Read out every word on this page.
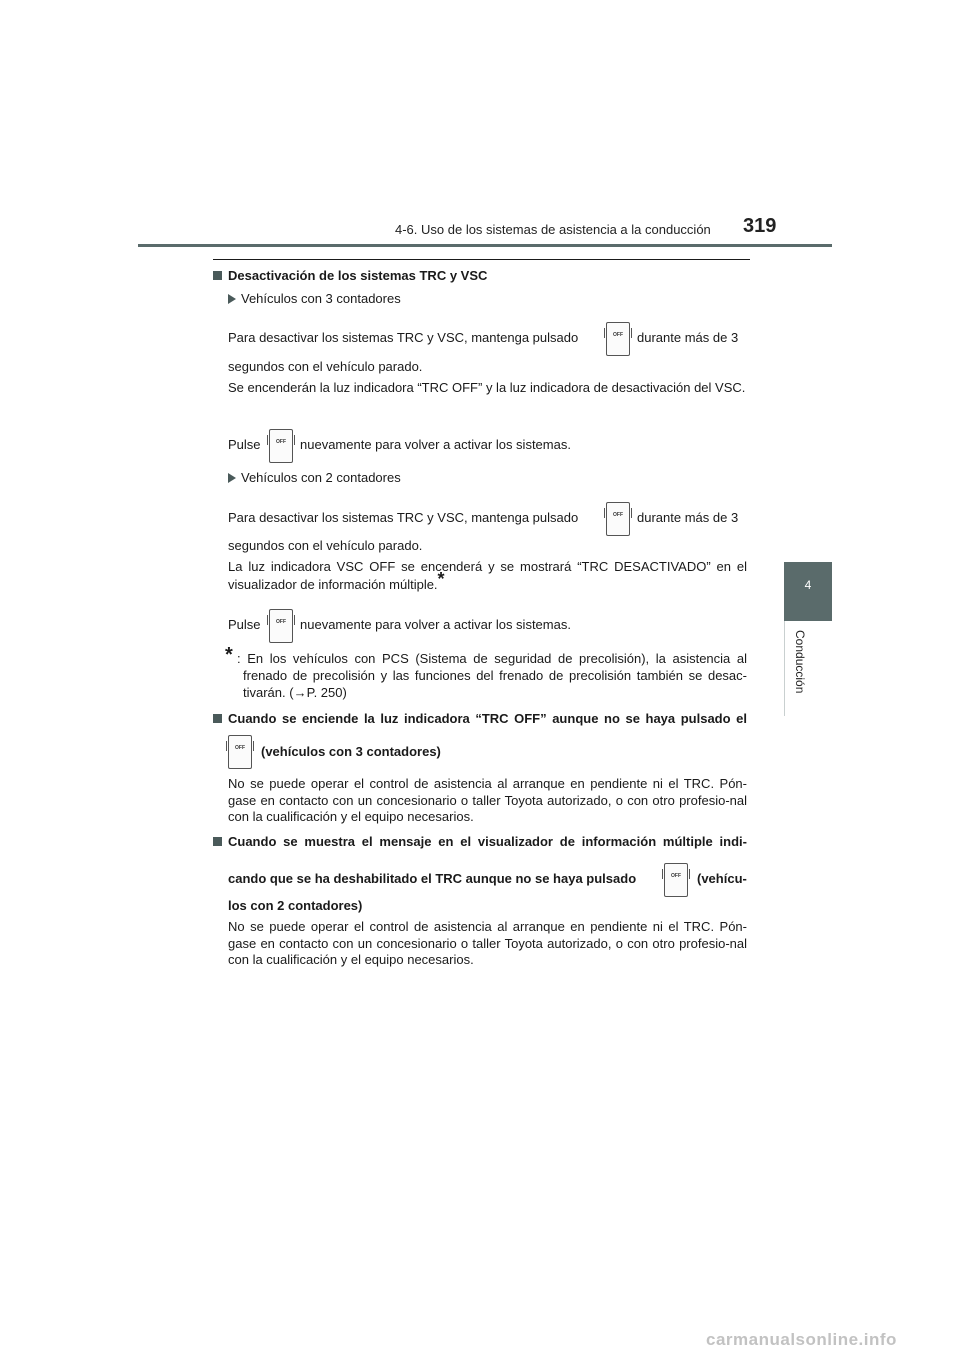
4-6. Uso de los sistemas de asistencia a la conducción 319
4
Conducción
Desactivación de los sistemas TRC y VSC
Vehículos con 3 contadores
Para desactivar los sistemas TRC y VSC, mantenga pulsado	OFF	durante más de 3
segundos con el vehículo parado.
Se encenderán la luz indicadora “TRC OFF” y la luz indicadora de desactivación del VSC.
Pulse	OFF	nuevamente para volver a activar los sistemas.
Vehículos con 2 contadores
Para desactivar los sistemas TRC y VSC, mantenga pulsado	OFF	durante más de 3
segundos con el vehículo parado.
La luz indicadora VSC OFF se encenderá y se mostrará “TRC DESACTIVADO” en el
visualizador de información múltiple.*
Pulse	OFF	nuevamente para volver a activar los sistemas.
* : En los vehículos con PCS (Sistema de seguridad de precolisión), la asistencia al
frenado de precolisión y las funciones del frenado de precolisión también se desac-
tivarán. (→P. 250)
Cuando se enciende la luz indicadora “TRC OFF” aunque no se haya pulsado el
OFF	(vehículos con 3 contadores)
No se puede operar el control de asistencia al arranque en pendiente ni el TRC. Pón-gase en contacto con un concesionario o taller Toyota autorizado, o con otro profesio-nal con la cualificación y el equipo necesarios.
Cuando se muestra el mensaje en el visualizador de información múltiple indi-
cando que se ha deshabilitado el TRC aunque no se haya pulsado	OFF	(vehícu-
los con 2 contadores)
No se puede operar el control de asistencia al arranque en pendiente ni el TRC. Pón-gase en contacto con un concesionario o taller Toyota autorizado, o con otro profesio-nal con la cualificación y el equipo necesarios.
carmanualsonline.info
